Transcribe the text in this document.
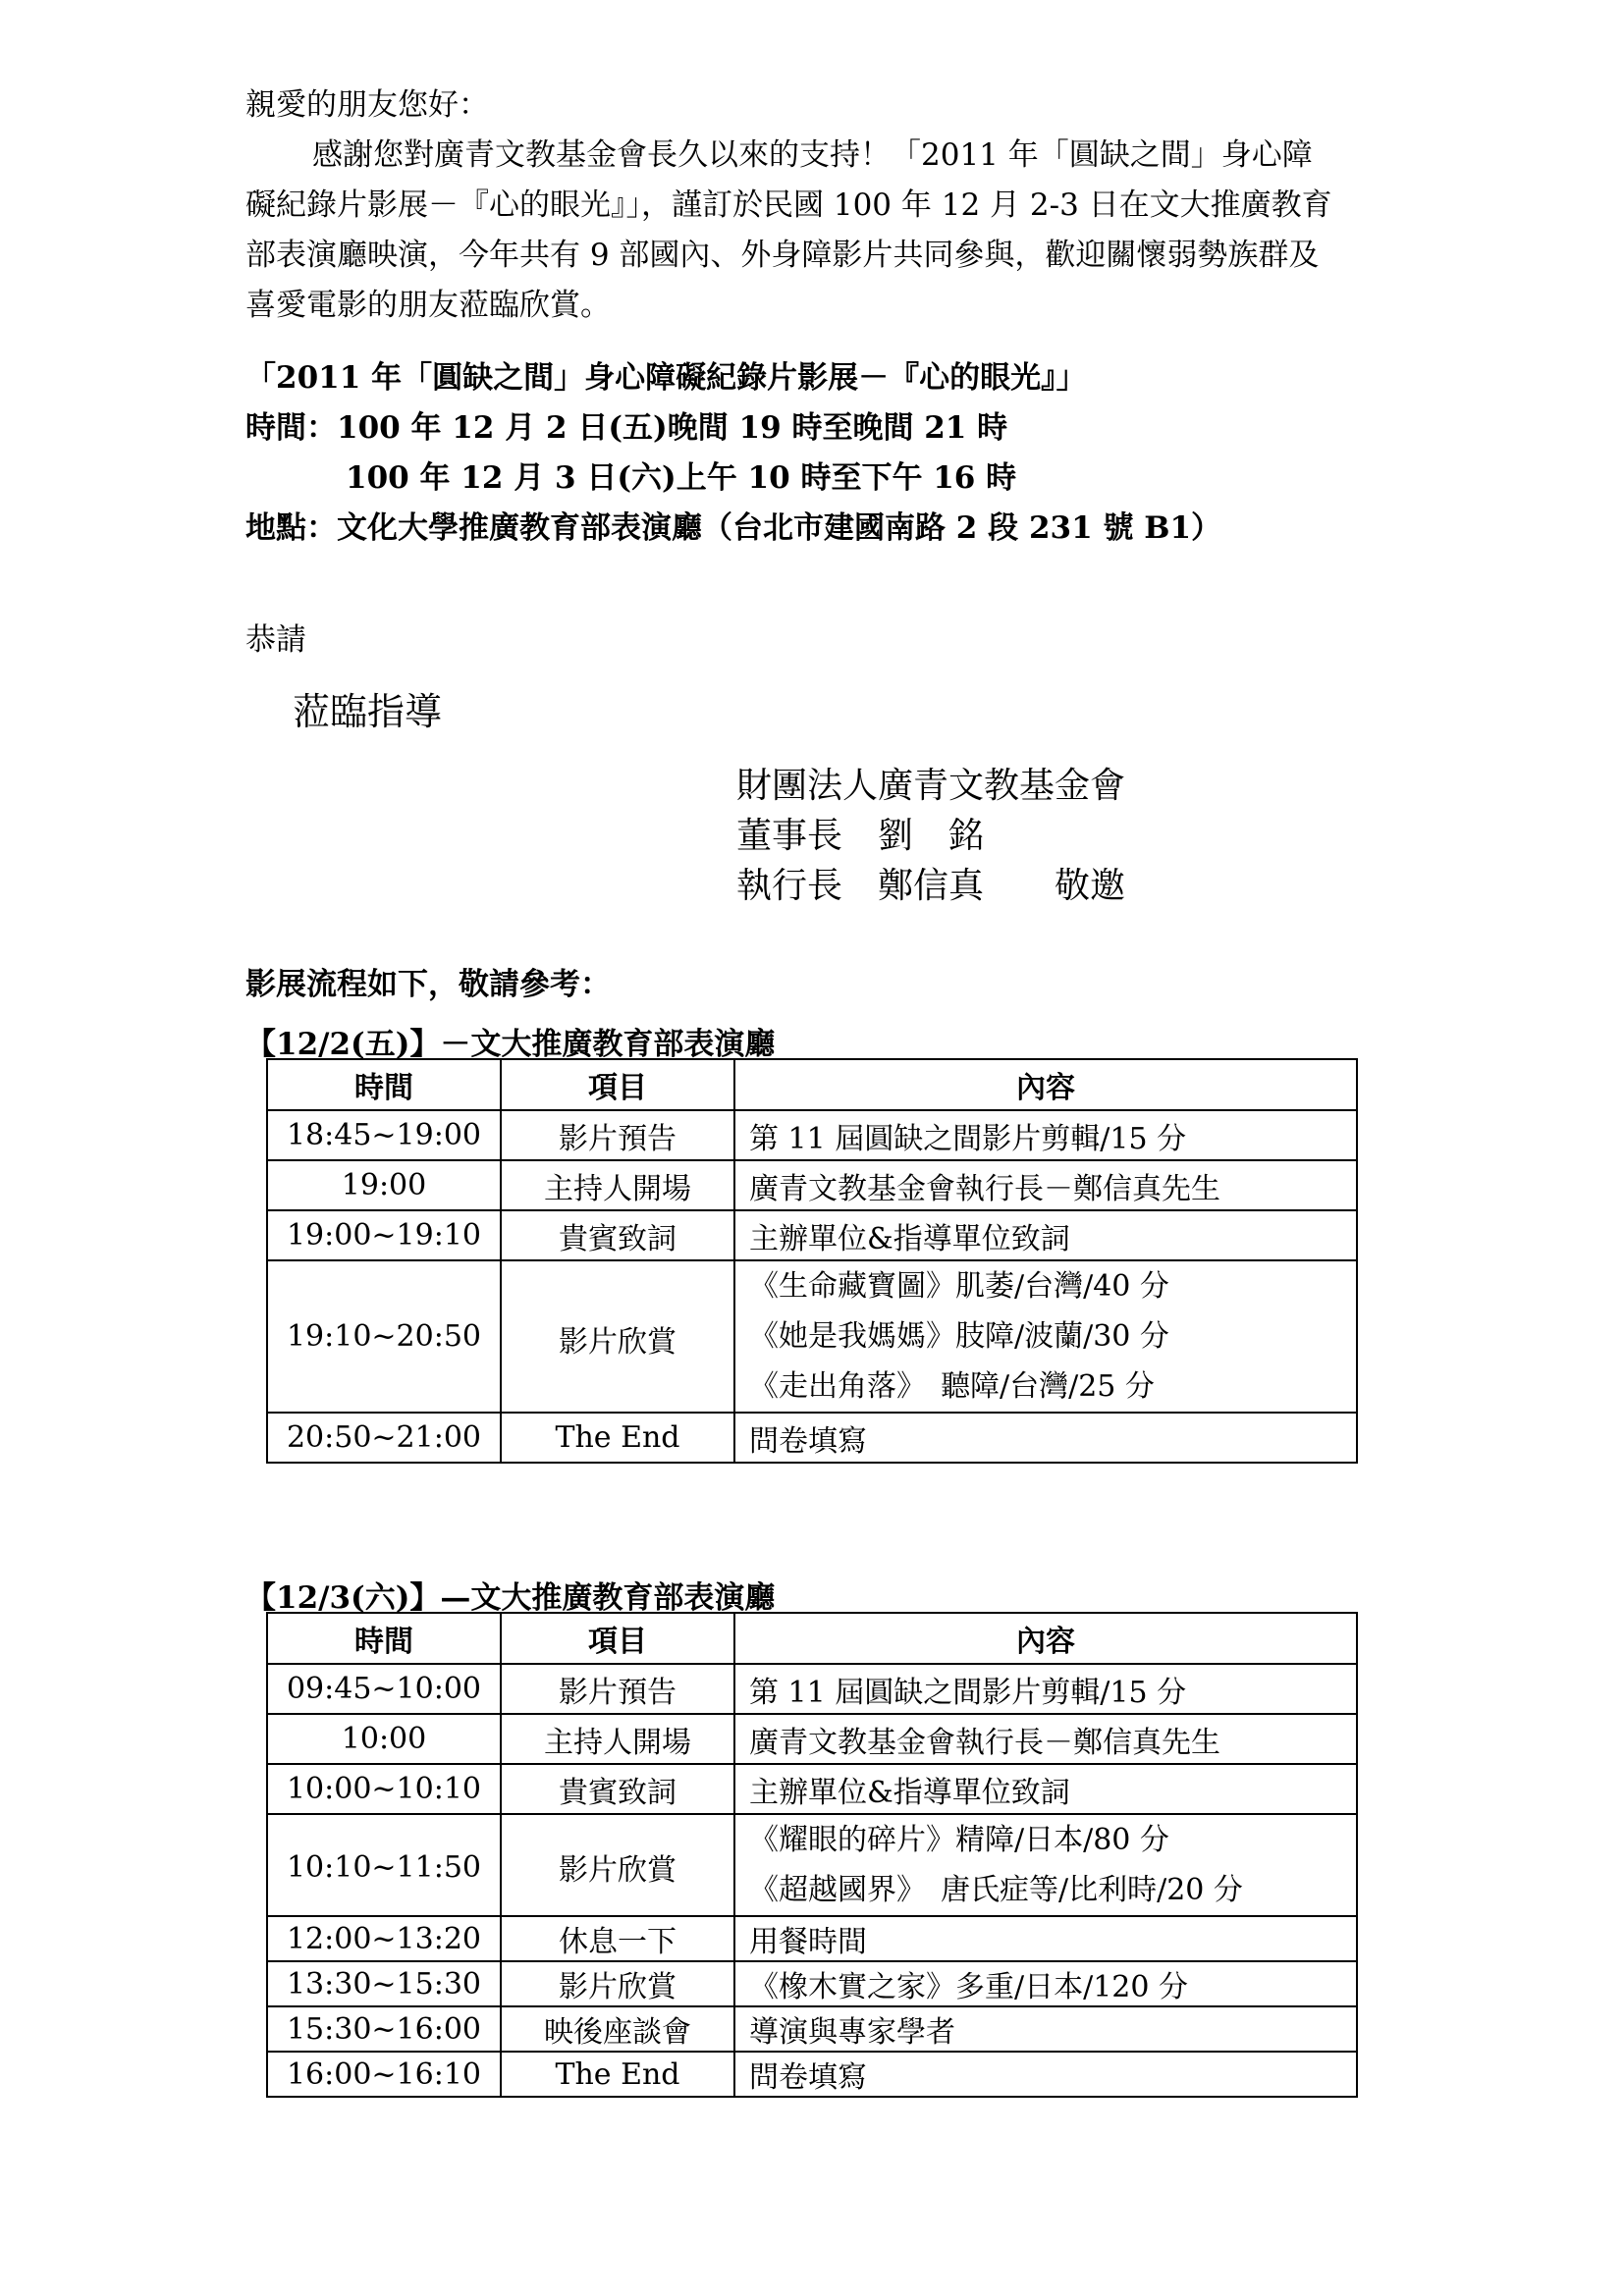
親愛的朋友您好：

感謝您對廣青文教基金會長久以來的支持！「2011 年「圓缺之間」身心障

礙紀錄片影展－『心的眼光』」，謹訂於民國 100 年 12 月 2-3 日在文大推廣教育

部表演廳映演，今年共有 9 部國內、外身障影片共同參與，歡迎關懷弱勢族群及

喜愛電影的朋友蒞臨欣賞。

「2011 年「圓缺之間」身心障礙紀錄片影展－『心的眼光』」

時間：100 年 12 月 2 日(五)晚間 19 時至晚間 21 時

100 年 12 月 3 日(六)上午 10 時至下午 16 時

地點：文化大學推廣教育部表演廳（台北市建國南路 2 段 231 號 B1）

恭請

蒞臨指導

財團法人廣青文教基金會

董事長　劉　銘

執行長　鄭信真　　敬邀

影展流程如下，敬請參考：

【12/2(五)】－文大推廣教育部表演廳
時間	項目	內容
18:45~19:00	影片預告	第 11 屆圓缺之間影片剪輯/15 分
19:00	主持人開場	廣青文教基金會執行長－鄭信真先生
19:00~19:10	貴賓致詞	主辦單位&指導單位致詞
19:10~20:50	影片欣賞	《生命藏寶圖》肌萎/台灣/40 分
《她是我媽媽》肢障/波蘭/30 分
《走出角落》　聽障/台灣/25 分

20:50~21:00	The End	問卷填寫
【12/3(六)】—文大推廣教育部表演廳
時間	項目	內容
09:45~10:00	影片預告	第 11 屆圓缺之間影片剪輯/15 分
10:00	主持人開場	廣青文教基金會執行長－鄭信真先生
10:00~10:10	貴賓致詞	主辦單位&指導單位致詞
10:10~11:50	影片欣賞	《耀眼的碎片》精障/日本/80 分
《超越國界》　唐氏症等/比利時/20 分

12:00~13:20	休息一下	用餐時間
13:30~15:30	影片欣賞	《橡木實之家》多重/日本/120 分
15:30~16:00	映後座談會	導演與專家學者
16:00~16:10	The End	問卷填寫
